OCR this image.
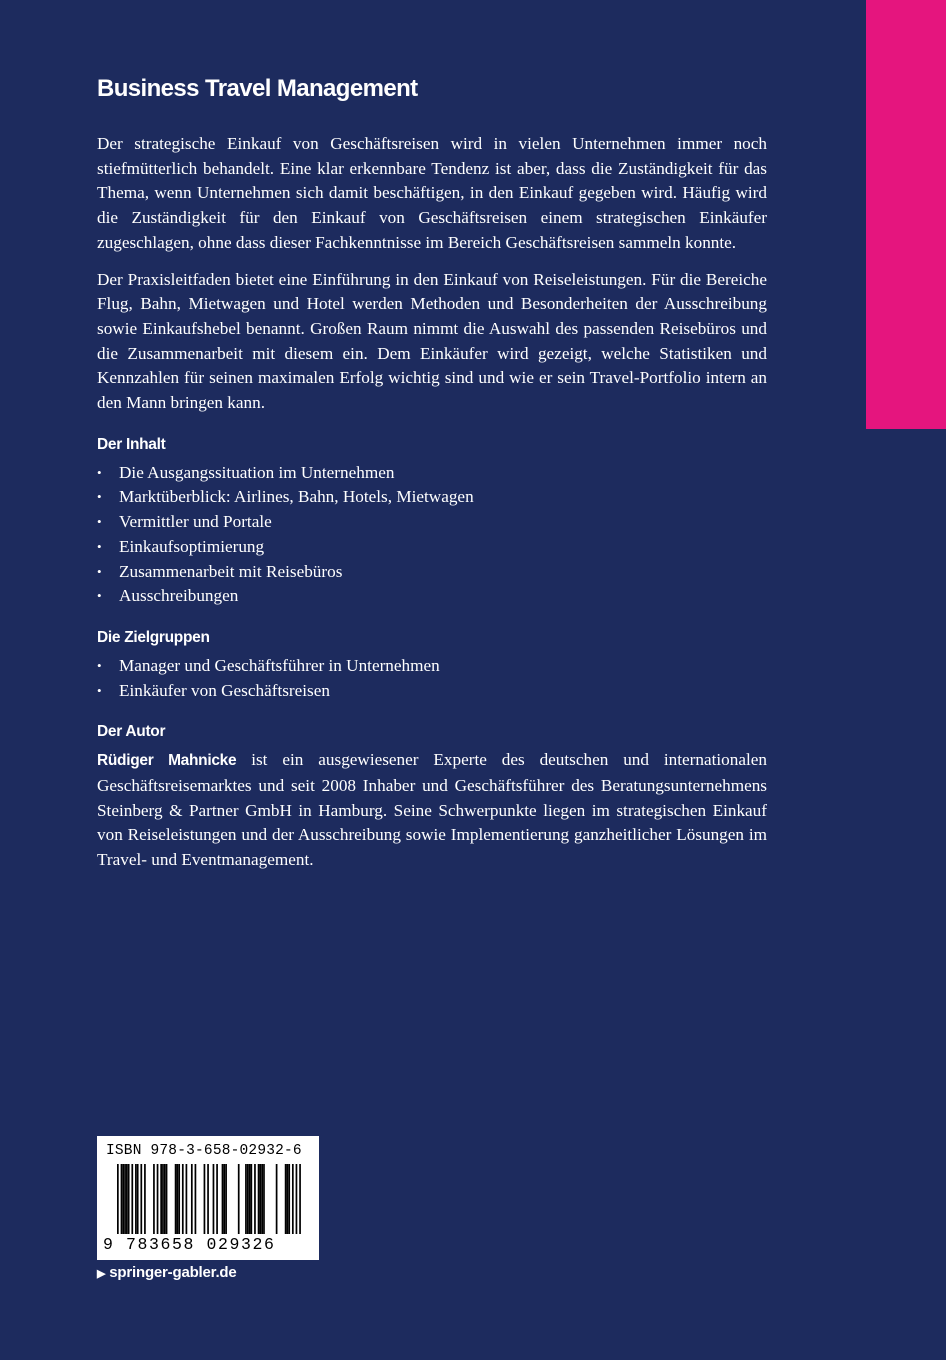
Business Travel Management

Der strategische Einkauf von Geschäftsreisen wird in vielen Unternehmen immer noch stiefmütterlich behandelt. Eine klar erkennbare Tendenz ist aber, dass die Zuständigkeit für das Thema, wenn Unternehmen sich damit beschäftigen, in den Einkauf gegeben wird. Häufig wird die Zuständigkeit für den Einkauf von Geschäftsreisen einem strategischen Einkäufer zugeschlagen, ohne dass dieser Fachkenntnisse im Bereich Geschäftsreisen sammeln konnte.

Der Praxisleitfaden bietet eine Einführung in den Einkauf von Reiseleistungen. Für die Bereiche Flug, Bahn, Mietwagen und Hotel werden Methoden und Besonderheiten der Ausschreibung sowie Einkaufshebel benannt. Großen Raum nimmt die Auswahl des passenden Reisebüros und die Zusammenarbeit mit diesem ein. Dem Einkäufer wird gezeigt, welche Statistiken und Kennzahlen für seinen maximalen Erfolg wichtig sind und wie er sein Travel-Portfolio intern an den Mann bringen kann.

Der Inhalt
• Die Ausgangssituation im Unternehmen
• Marktüberblick: Airlines, Bahn, Hotels, Mietwagen
• Vermittler und Portale
• Einkaufsoptimierung
• Zusammenarbeit mit Reisebüros
• Ausschreibungen
Die Zielgruppen
• Manager und Geschäftsführer in Unternehmen
• Einkäufer von Geschäftsreisen
Der Autor

Rüdiger Mahnicke ist ein ausgewiesener Experte des deutschen und internationalen Geschäftsreisemarktes und seit 2008 Inhaber und Geschäftsführer des Beratungsunternehmens Steinberg & Partner GmbH in Hamburg. Seine Schwerpunkte liegen im strategischen Einkauf von Reiseleistungen und der Ausschreibung sowie Implementierung ganzheitlicher Lösungen im Travel- und Eventmanagement.

ISBN 978-3-658-02932-6
9 783658 029326
▶ springer-gabler.de
